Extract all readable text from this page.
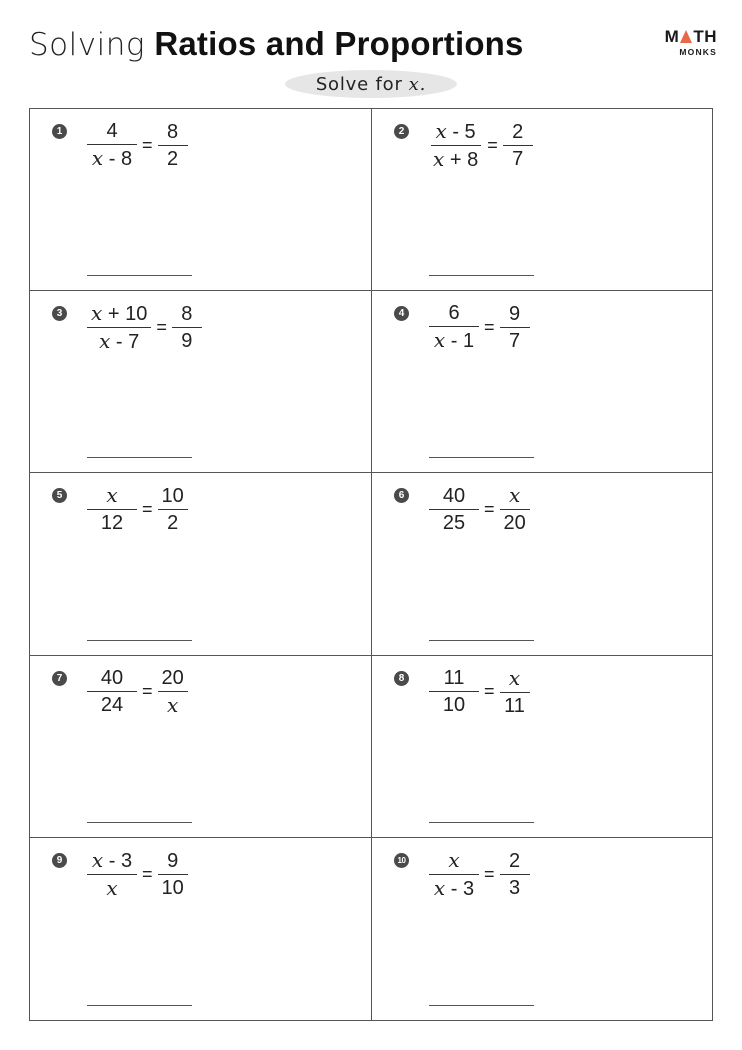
Solving Ratios and Proportions	M TH
MONKS
Solve for x.
$1 \frac{4}{x - 8} = \frac{8}{2}$	$2 \frac{x - 5}{x + 8} = \frac{2}{7}$
$3 \frac{x + 10}{x - 7} = \frac{8}{9}$	$4 \frac{6}{x - 1} = \frac{9}{7}$
$5 \frac{x}{12} = \frac{10}{2}$	$6 \frac{40}{25} = \frac{x}{20}$
$7 \frac{40}{24} = \frac{20}{x}$	$8 \frac{11}{10} = \frac{x}{11}$
$9 \frac{x - 3}{x} = \frac{9}{10}$	$10 \frac{x}{x - 3} = \frac{2}{3}$
